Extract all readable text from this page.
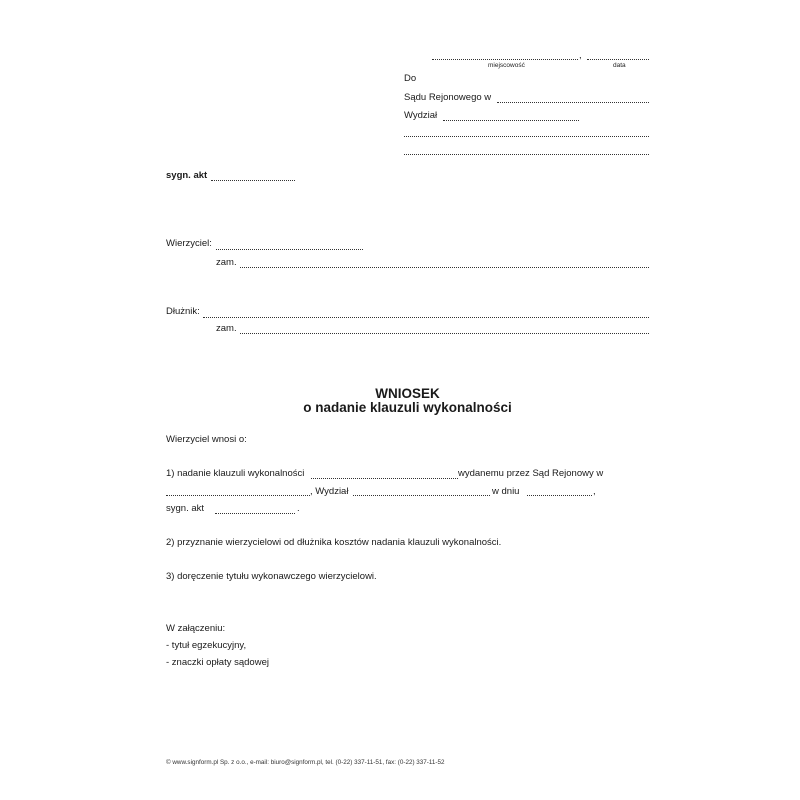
,
miejscowość	data
Do
Sądu Rejonowego w
Wydział
sygn. akt
Wierzyciel:
zam.
Dłużnik:
zam.
WNIOSEK
o nadanie klauzuli wykonalności
Wierzyciel wnosi o:
1) nadanie klauzuli wykonalności	wydanemu przez Sąd Rejonowy w
, Wydział	w dniu	,
sygn. akt	.
2) przyznanie wierzycielowi od dłużnika kosztów nadania klauzuli wykonalności.
3) doręczenie tytułu wykonawczego wierzycielowi.
W załączeniu:
- tytuł egzekucyjny,
- znaczki opłaty sądowej
© www.signform.pl Sp. z o.o., e-mail: biuro@signform.pl, tel. (0-22) 337-11-51, fax: (0-22) 337-11-52
